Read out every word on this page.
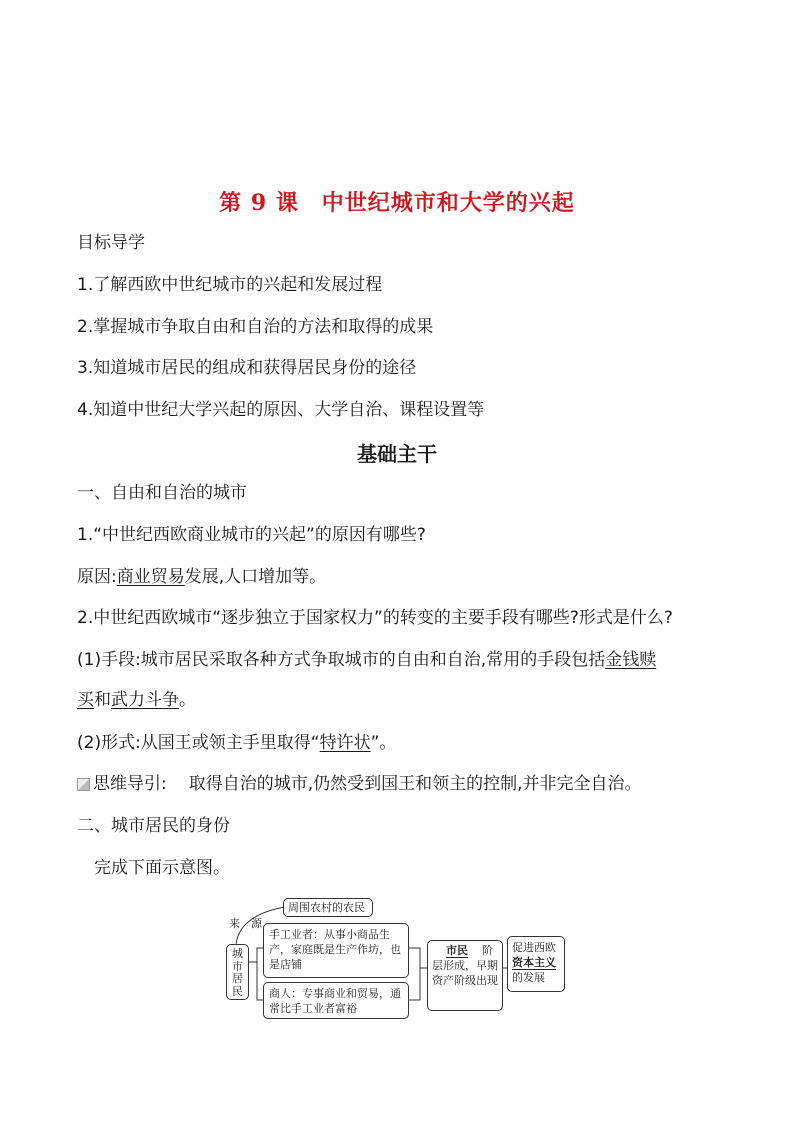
第 9 课　中世纪城市和大学的兴起
目标导学
1.了解西欧中世纪城市的兴起和发展过程
2.掌握城市争取自由和自治的方法和取得的成果
3.知道城市居民的组成和获得居民身份的途径
4.知道中世纪大学兴起的原因、大学自治、课程设置等
基础主干
一、自由和自治的城市
1.“中世纪西欧商业城市的兴起”的原因有哪些?
原因:商业贸易发展,人口增加等。
2.中世纪西欧城市“逐步独立于国家权力”的转变的主要手段有哪些?形式是什么?
(1)手段:城市居民采取各种方式争取城市的自由和自治,常用的手段包括金钱赎
买和武力斗争。
(2)形式:从国王或领主手里取得“特许状”。
思维导引: 取得自治的城市,仍然受到国王和领主的控制,并非完全自治。
二、城市居民的身份
完成下面示意图。
来　源
周围农村的农民
城市居民
手工业者：从事小商品生产，家庭既是生产作坊，也是店铺
商人：专事商业和贸易，通常比手工业者富裕
市民 阶
层形成，早期资产阶级出现
促进西欧
资本主义
的发展
